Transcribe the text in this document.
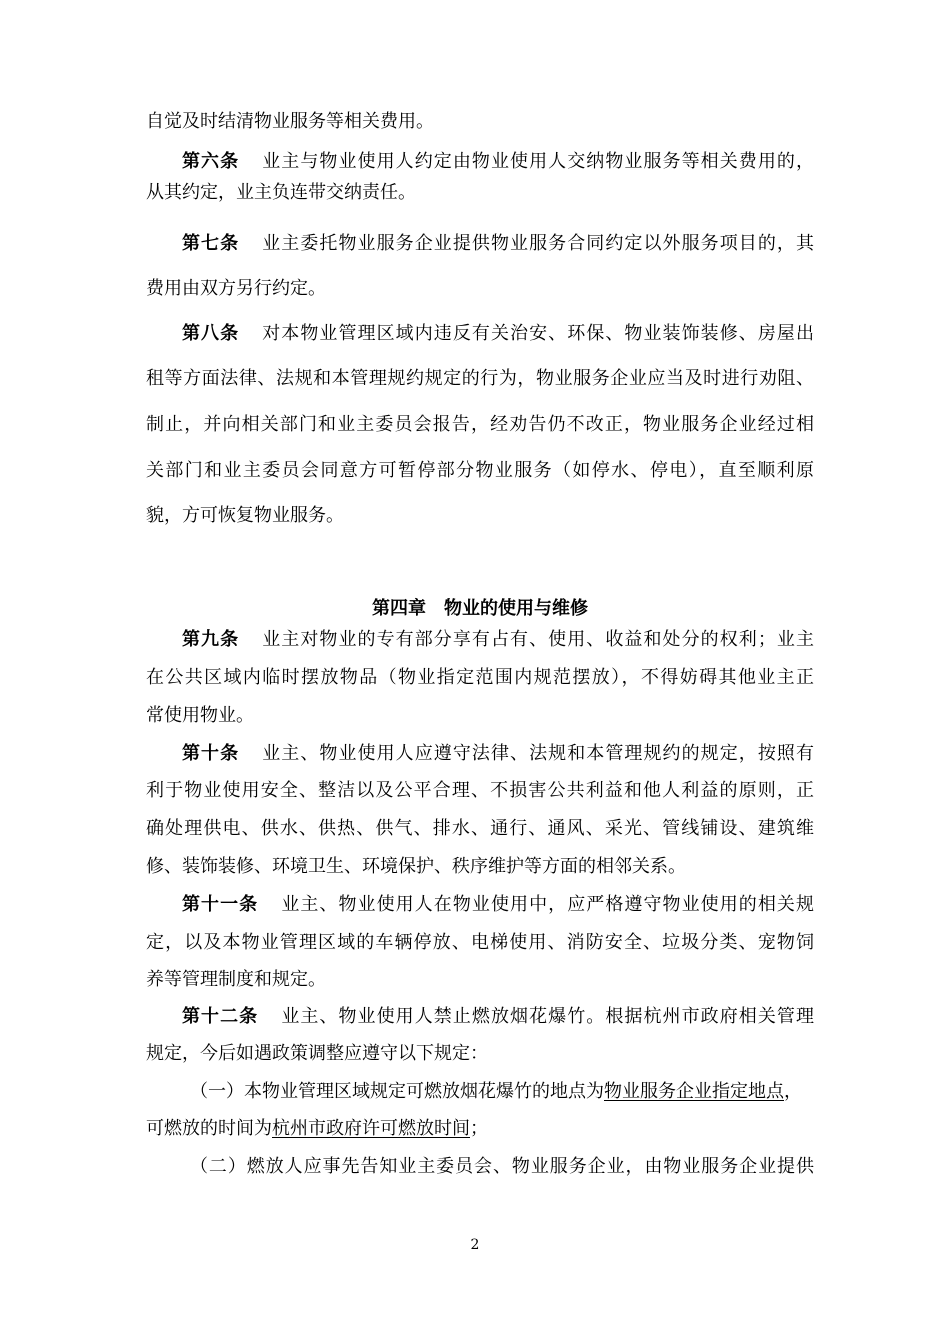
自觉及时结清物业服务等相关费用。
第六条 业主与物业使用人约定由物业使用人交纳物业服务等相关费用的，
从其约定，业主负连带交纳责任。
第七条 业主委托物业服务企业提供物业服务合同约定以外服务项目的，其
费用由双方另行约定。
第八条 对本物业管理区域内违反有关治安、环保、物业装饰装修、房屋出
租等方面法律、法规和本管理规约规定的行为，物业服务企业应当及时进行劝阻、
制止，并向相关部门和业主委员会报告，经劝告仍不改正，物业服务企业经过相
关部门和业主委员会同意方可暂停部分物业服务（如停水、停电），直至顺利原
貌，方可恢复物业服务。
第四章　物业的使用与维修
第九条 业主对物业的专有部分享有占有、使用、收益和处分的权利；业主
在公共区域内临时摆放物品（物业指定范围内规范摆放），不得妨碍其他业主正
常使用物业。
第十条 业主、物业使用人应遵守法律、法规和本管理规约的规定，按照有
利于物业使用安全、整洁以及公平合理、不损害公共利益和他人利益的原则，正
确处理供电、供水、供热、供气、排水、通行、通风、采光、管线铺设、建筑维
修、装饰装修、环境卫生、环境保护、秩序维护等方面的相邻关系。
第十一条 业主、物业使用人在物业使用中，应严格遵守物业使用的相关规
定，以及本物业管理区域的车辆停放、电梯使用、消防安全、垃圾分类、宠物饲
养等管理制度和规定。
第十二条 业主、物业使用人禁止燃放烟花爆竹。根据杭州市政府相关管理
规定，今后如遇政策调整应遵守以下规定：
（一）本物业管理区域规定可燃放烟花爆竹的地点为物业服务企业指定地点，
可燃放的时间为杭州市政府许可燃放时间；
（二）燃放人应事先告知业主委员会、物业服务企业，由物业服务企业提供
2
